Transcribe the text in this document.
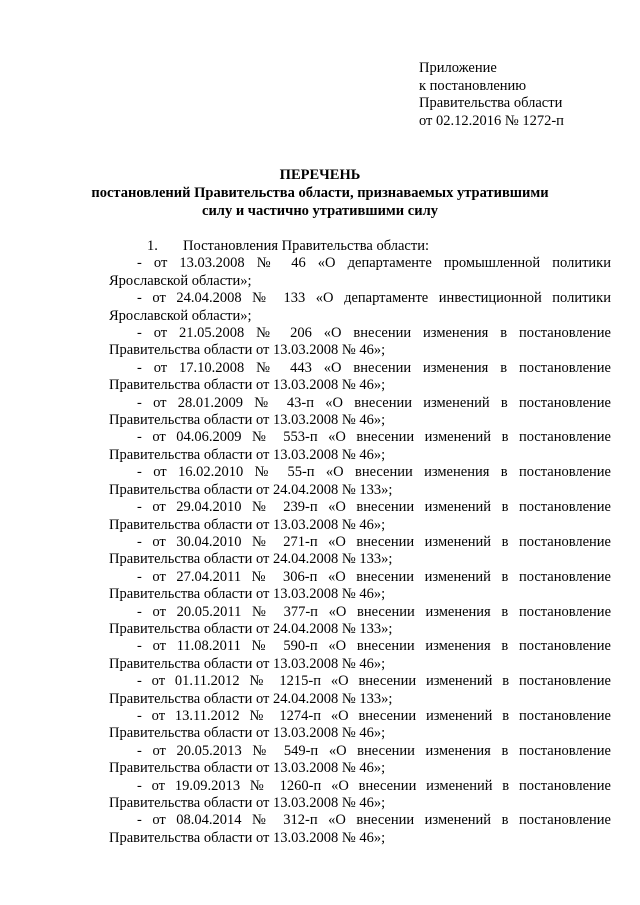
Приложение
к постановлению
Правительства области
от 02.12.2016 № 1272-п
ПЕРЕЧЕНЬ
постановлений Правительства области, признаваемых утратившими
силу и частично утратившими силу
1. Постановления Правительства области:
- от 13.03.2008 № 46 «О департаменте промышленной политики
Ярославской области»;
- от 24.04.2008 № 133 «О департаменте инвестиционной политики
Ярославской области»;
- от 21.05.2008 № 206 «О внесении изменения в постановление
Правительства области от 13.03.2008 № 46»;
- от 17.10.2008 № 443 «О внесении изменения в постановление
Правительства области от 13.03.2008 № 46»;
- от 28.01.2009 № 43-п «О внесении изменений в постановление
Правительства области от 13.03.2008 № 46»;
- от 04.06.2009 № 553-п «О внесении изменений в постановление
Правительства области от 13.03.2008 № 46»;
- от 16.02.2010 № 55-п «О внесении изменения в постановление
Правительства области от 24.04.2008 № 133»;
- от 29.04.2010 № 239-п «О внесении изменений в постановление
Правительства области от 13.03.2008 № 46»;
- от 30.04.2010 № 271-п «О внесении изменений в постановление
Правительства области от 24.04.2008 № 133»;
- от 27.04.2011 № 306-п «О внесении изменений в постановление
Правительства области от 13.03.2008 № 46»;
- от 20.05.2011 № 377-п «О внесении изменения в постановление
Правительства области от 24.04.2008 № 133»;
- от 11.08.2011 № 590-п «О внесении изменения в постановление
Правительства области от 13.03.2008 № 46»;
- от 01.11.2012 № 1215-п «О внесении изменений в постановление
Правительства области от 24.04.2008 № 133»;
- от 13.11.2012 № 1274-п «О внесении изменений в постановление
Правительства области от 13.03.2008 № 46»;
- от 20.05.2013 № 549-п «О внесении изменения в постановление
Правительства области от 13.03.2008 № 46»;
- от 19.09.2013 № 1260-п «О внесении изменений в постановление
Правительства области от 13.03.2008 № 46»;
- от 08.04.2014 № 312-п «О внесении изменений в постановление
Правительства области от 13.03.2008 № 46»;
